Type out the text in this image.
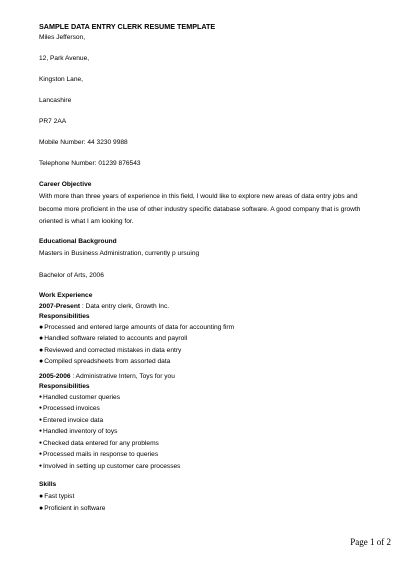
SAMPLE DATA ENTRY CLERK RESUME TEMPLATE

Miles Jefferson,

12, Park Avenue,

Kingston Lane,

Lancashire

PR7 2AA

Mobile Number: 44 3230 9988

Telephone Number: 01239 876543

Career Objective

With more than three years of experience in this field, I would like to explore new areas of data entry jobs and

become more proficient in the use of other industry specific database software. A good company that is growth

oriented is what I am looking for.

Educational Background

Masters in Business Administration, currently p ursuing

Bachelor of Arts, 2006

Work Experience

2007-Present : Data entry clerk, Growth Inc.

Responsibilities

● Processed and entered large amounts of data for accounting firm
● Handled software related to accounts and payroll
● Reviewed and corrected mistakes in data entry
● Compiled spreadsheets from assorted data

2005-2006 : Administrative Intern, Toys for you

Responsibilities

● Handled customer queries
● Processed invoices
● Entered invoice data
● Handled inventory of toys
● Checked data entered for any problems
● Processed mails in response to queries
● Involved in setting up customer care processes

Skills

● Fast typist
● Proficient in software
Page 1 of 2
